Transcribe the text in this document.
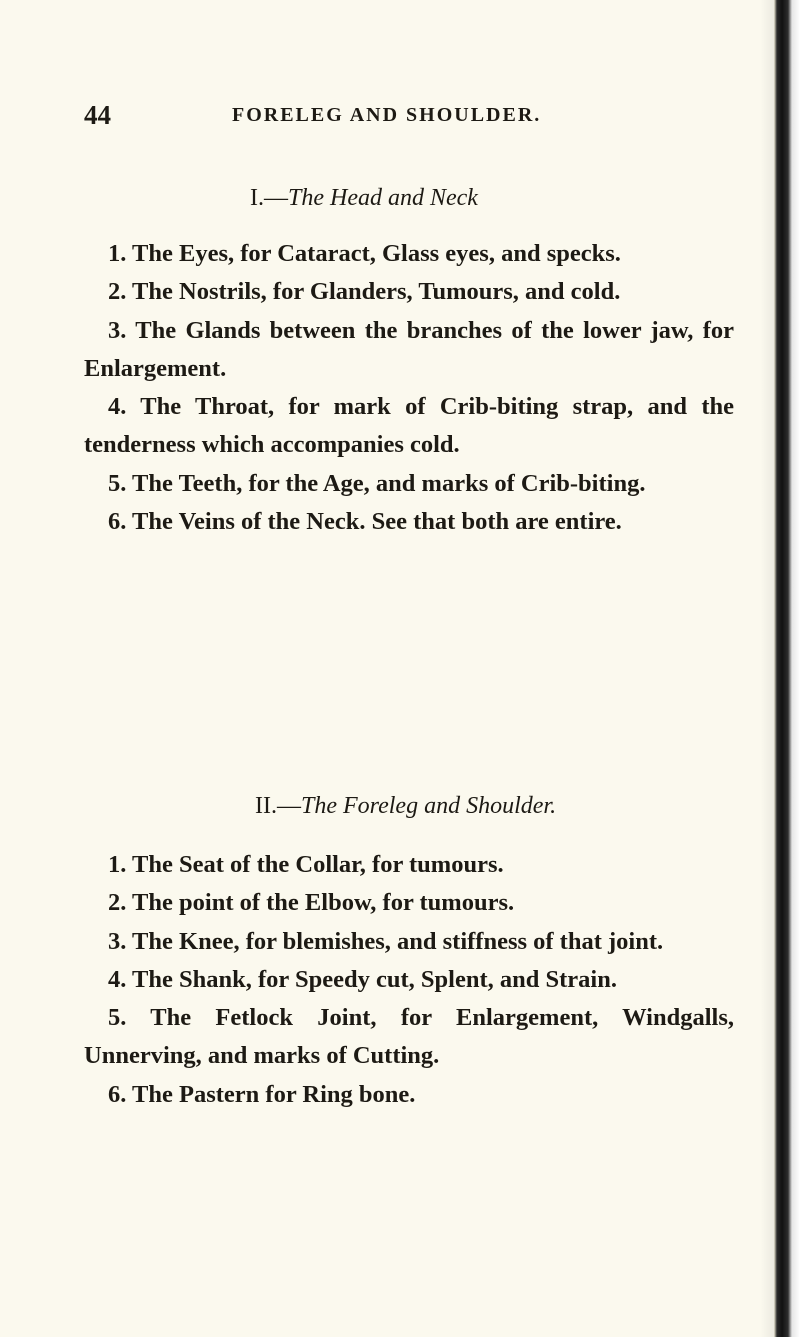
44	FORELEG AND SHOULDER.
I.—The Head and Neck
1. The Eyes, for Cataract, Glass eyes, and specks.
2. The Nostrils, for Glanders, Tumours, and cold.
3. The Glands between the branches of the lower jaw, for Enlargement.
4. The Throat, for mark of Crib-biting strap, and the tenderness which accompanies cold.
5. The Teeth, for the Age, and marks of Crib-biting.
6. The Veins of the Neck. See that both are entire.
II.—The Foreleg and Shoulder.
1. The Seat of the Collar, for tumours.
2. The point of the Elbow, for tumours.
3. The Knee, for blemishes, and stiffness of that joint.
4. The Shank, for Speedy cut, Splent, and Strain.
5. The Fetlock Joint, for Enlargement, Windgalls, Unnerving, and marks of Cutting.
6. The Pastern for Ring bone.
